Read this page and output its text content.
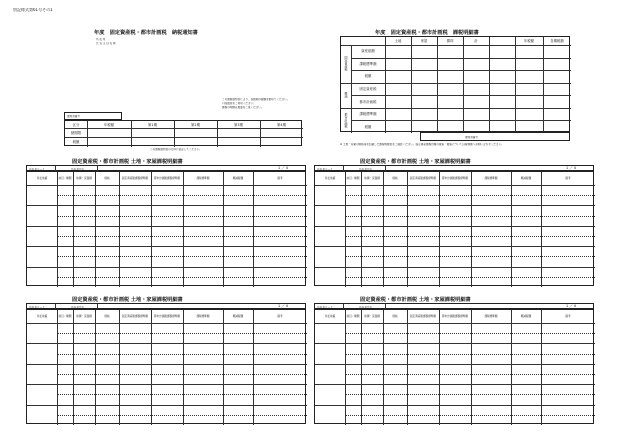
別記様式第61号その1
年度　固定資産税・都市計画税　納税通知書
所 在 地
氏 名 又 は 名 称
この納税通知書により、各納期の税額を納めてください。
口座振替をご利用ください。
課税の明細は裏面をご覧ください。
通知書番号
区分	年税額	第1期	第2期	第3期	第4期
納期限
税額
この納税通知書の太枠に留意してください。
年度　固定資産税・都市計画税　課税明細書
土地	家屋	償却	計	年税額	各期税額
固定資産税
資産総額
課税標準額
税額
軽減
固定資産税
都市計画税
都市計画税	課税標準額
税額
通知書番号
※ 土地・家屋の価格等を記載した課税明細書をご確認ください。固定資産課税台帳の縦覧・閲覧については税務課へお問い合わせください。
固定資産税・都市計画税 土地・家屋課税明細書
1 ／ 4
所有者コード	所有者氏名
所在地番	地目／種類	地積・床面積	価格	固定資産税課税標準額	都市計画税課税標準額	課税標準額	軽減税額	備考
固定資産税・都市計画税 土地・家屋課税明細書
1 ／ 4
所有者コード	所有者氏名
所在地番	地目／種類	地積・床面積	価格	固定資産税課税標準額	都市計画税課税標準額	課税標準額	軽減税額	備考
固定資産税・都市計画税 土地・家屋課税明細書
1 ／ 4
所有者コード	所有者氏名
所在地番	地目／種類	地積・床面積	価格	固定資産税課税標準額	都市計画税課税標準額	課税標準額	軽減税額	備考
固定資産税・都市計画税 土地・家屋課税明細書
1 ／ 4
所有者コード	所有者氏名
所在地番	地目／種類	地積・床面積	価格	固定資産税課税標準額	都市計画税課税標準額	課税標準額	軽減税額	備考
